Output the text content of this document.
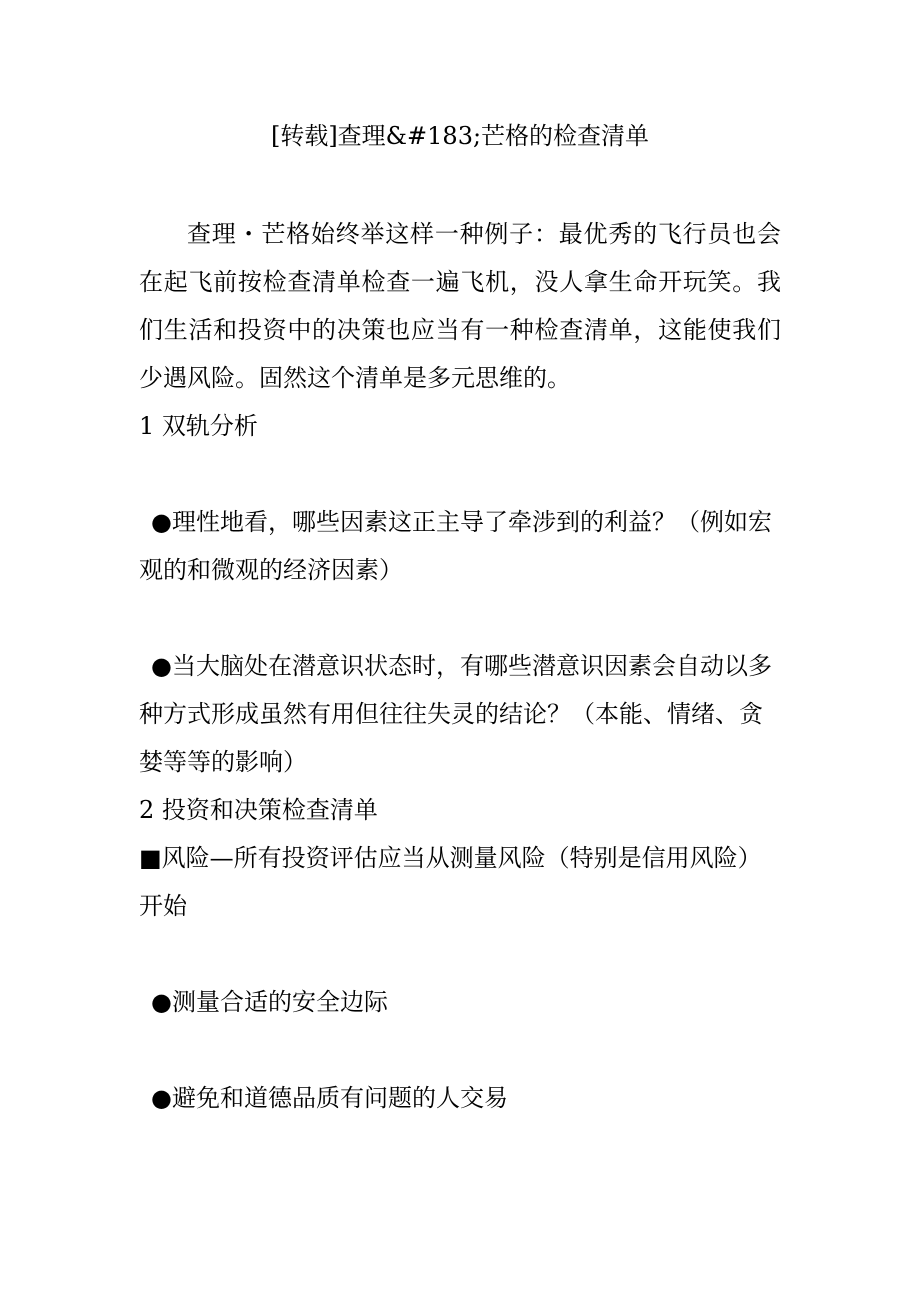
[转载]查理&#183;芒格的检查清单

查理・芒格始终举这样一种例子：最优秀的飞行员也会在起飞前按检查清单检查一遍飞机，没人拿生命开玩笑。我们生活和投资中的决策也应当有一种检查清单，这能使我们少遇风险。固然这个清单是多元思维的。

1 双轨分析

●理性地看，哪些因素这正主导了牵涉到的利益？（例如宏观的和微观的经济因素）

●当大脑处在潜意识状态时，有哪些潜意识因素会自动以多种方式形成虽然有用但往往失灵的结论？（本能、情绪、贪婪等等的影响）

2 投资和决策检查清单

■风险—所有投资评估应当从测量风险（特别是信用风险）开始

●测量合适的安全边际

●避免和道德品质有问题的人交易
